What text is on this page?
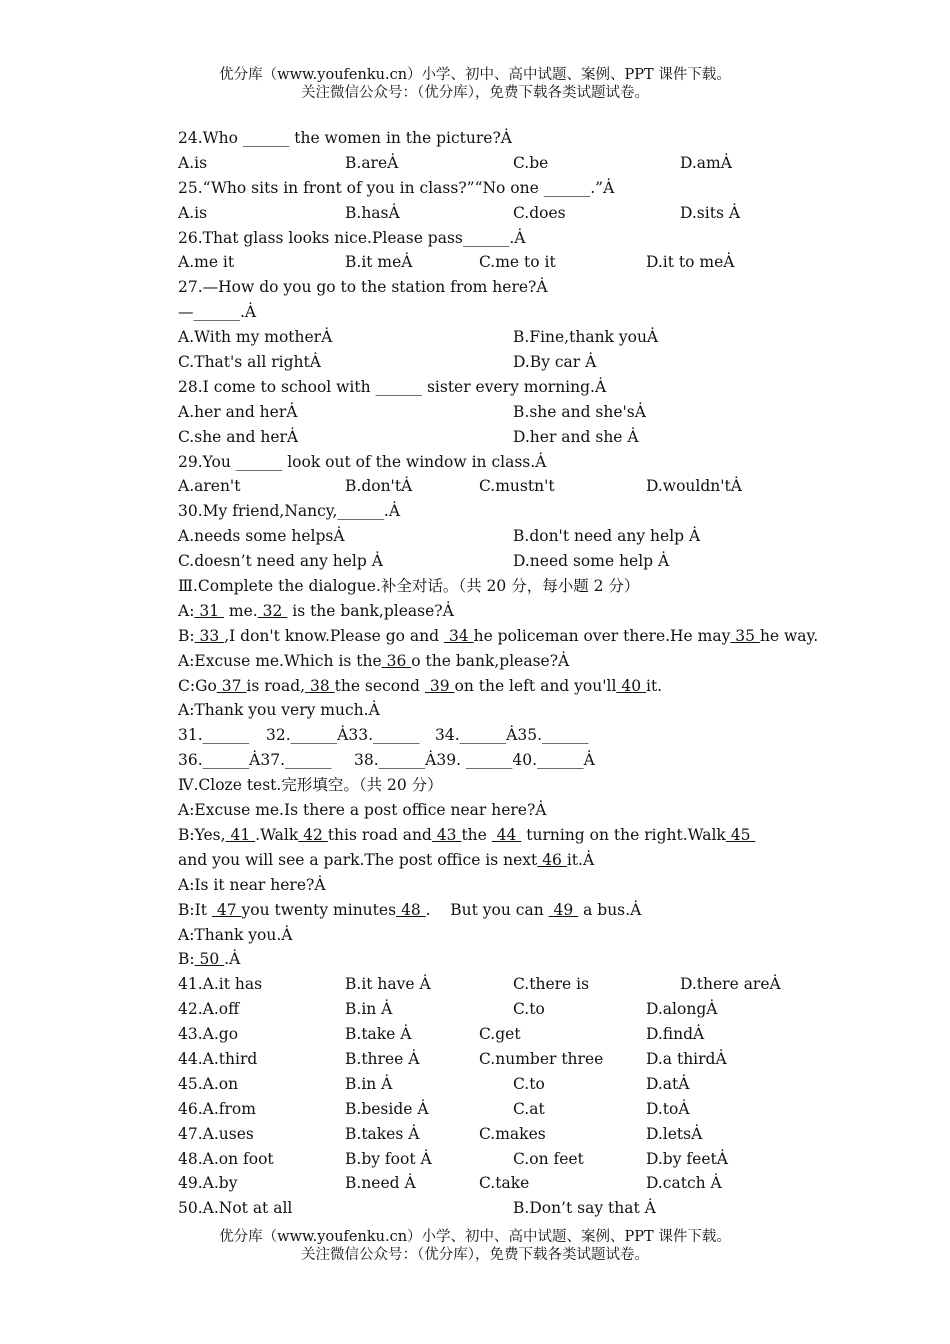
优分库（www.youfenku.cn）小学、初中、高中试题、案例、PPT 课件下载。
关注微信公众号：（优分库），免费下载各类试题试卷。
24.Who ______ the women in the picture?Ȧ
A.is	B.areȦ	C.be	D.amȦ
25.“Who sits in front of you in class?”“No one ______.”Ȧ
A.is	B.hasȦ	C.does	D.sits Ȧ
26.That glass looks nice.Please pass______.Ȧ
A.me it	B.it meȦ	C.me to it	D.it to meȦ
27.—How do you go to the station from here?Ȧ
—______.Ȧ
A.With my motherȦ	B.Fine,thank youȦ
C.That's all rightȦ	D.By car Ȧ
28.I come to school with ______ sister every morning.Ȧ
A.her and herȦ	B.she and she'sȦ
C.she and herȦ	D.her and she Ȧ
29.You ______ look out of the window in class.Ȧ
A.aren't	B.don'tȦ	C.mustn't	D.wouldn'tȦ
30.My friend,Nancy,______.Ȧ
A.needs some helpsȦ	B.don't need any help Ȧ
C.doesn’t need any help Ȧ	D.need some help Ȧ
Ⅲ.Complete the dialogue.补全对话。（共 20 分，每小题 2 分）
A: 31  me. 32  is the bank,please?Ȧ
B: 33 ,I don't know.Please go and  34 he policeman over there.He may 35 he way.
A:Excuse me.Which is the 36 o the bank,please?Ȧ
C:Go 37 is road, 38 the second  39 on the left and you'll 40 it.
A:Thank you very much.Ȧ
31.______ 32.______Ȧ33.______ 34.______Ȧ35.______
36.______Ȧ37.______ 38.______Ȧ39. ______40.______Ȧ
Ⅳ.Cloze test.完形填空。（共 20 分）
A:Excuse me.Is there a post office near here?Ȧ
B:Yes, 41 .Walk 42 this road and 43 the  44  turning on the right.Walk 45
and you will see a park.The post office is next 46 it.Ȧ
A:Is it near here?Ȧ
B:It  47 you twenty minutes 48 .    But you can  49  a bus.Ȧ
A:Thank you.Ȧ
B: 50 .Ȧ
41.A.it has	B.it have Ȧ	C.there is	D.there areȦ
42.A.off	B.in Ȧ	C.to	D.alongȦ
43.A.go	B.take Ȧ	C.get	D.findȦ
44.A.third	B.three Ȧ	C.number three	D.a thirdȦ
45.A.on	B.in Ȧ	C.to	D.atȦ
46.A.from	B.beside Ȧ	C.at	D.toȦ
47.A.uses	B.takes Ȧ	C.makes	D.letsȦ
48.A.on foot	B.by foot Ȧ	C.on feet	D.by feetȦ
49.A.by	B.need Ȧ	C.take	D.catch Ȧ
50.A.Not at all	B.Don’t say that Ȧ
优分库（www.youfenku.cn）小学、初中、高中试题、案例、PPT 课件下载。
关注微信公众号：（优分库），免费下载各类试题试卷。
